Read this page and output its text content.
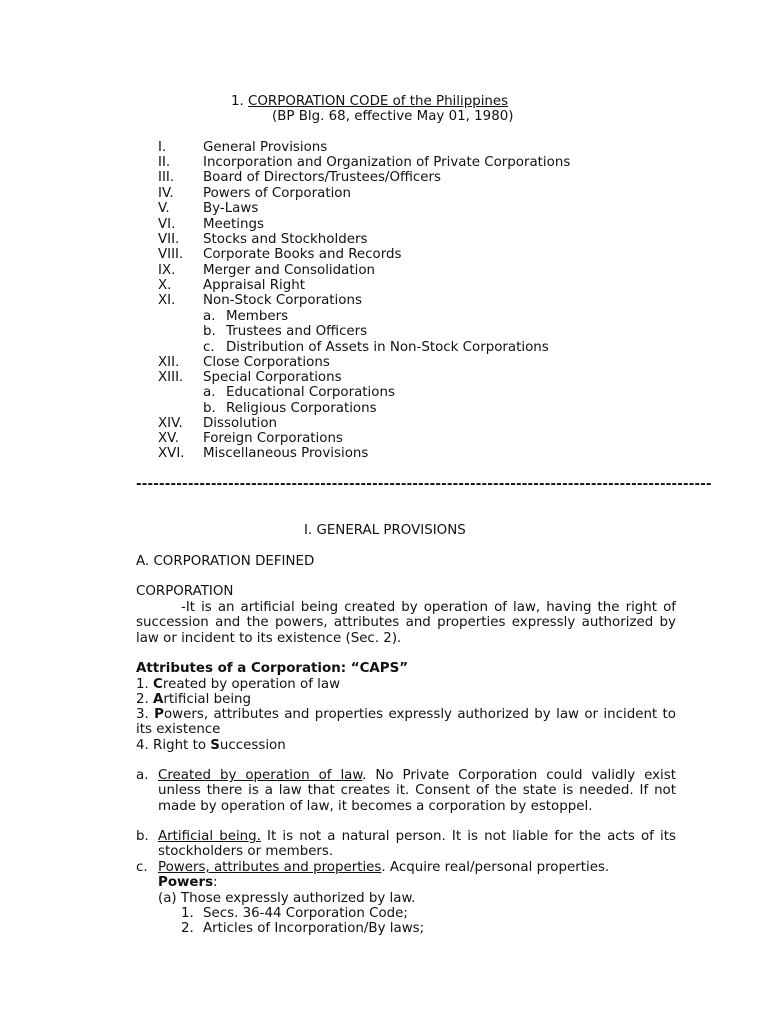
1. CORPORATION CODE of the Philippines
(BP Blg. 68, effective May 01, 1980)
I.	General Provisions
II. Incorporation and Organization of Private Corporations
III. Board of Directors/Trustees/Officers
IV. Powers of Corporation
V. By-Laws
VI. Meetings
VII. Stocks and Stockholders
VIII. Corporate Books and Records
IX. Merger and Consolidation
X. Appraisal Right
XI. Non-Stock Corporations
a. Members
b. Trustees and Officers
c. Distribution of Assets in Non-Stock Corporations
XII. Close Corporations
XIII. Special Corporations
a. Educational Corporations
b. Religious Corporations
XIV. Dissolution
XV. Foreign Corporations
XVI. Miscellaneous Provisions
----------------------------------------------------------------------------------------------------
I. GENERAL PROVISIONS
A. CORPORATION DEFINED
CORPORATION
-It is an artificial being created by operation of law, having the right of succession and the powers, attributes and properties expressly authorized by law or incident to its existence (Sec. 2).
Attributes of a Corporation: “CAPS”
1. Created by operation of law
2. Artificial being
3. Powers, attributes and properties expressly authorized by law or incident to its existence
4. Right to Succession
a. Created by operation of law. No Private Corporation could validly exist unless there is a law that creates it. Consent of the state is needed. If not made by operation of law, it becomes a corporation by estoppel.
b. Artificial being. It is not a natural person. It is not liable for the acts of its stockholders or members.
c. Powers, attributes and properties. Acquire real/personal properties.
Powers:
(a) Those expressly authorized by law.
1. Secs. 36-44 Corporation Code;
2. Articles of Incorporation/By laws;
